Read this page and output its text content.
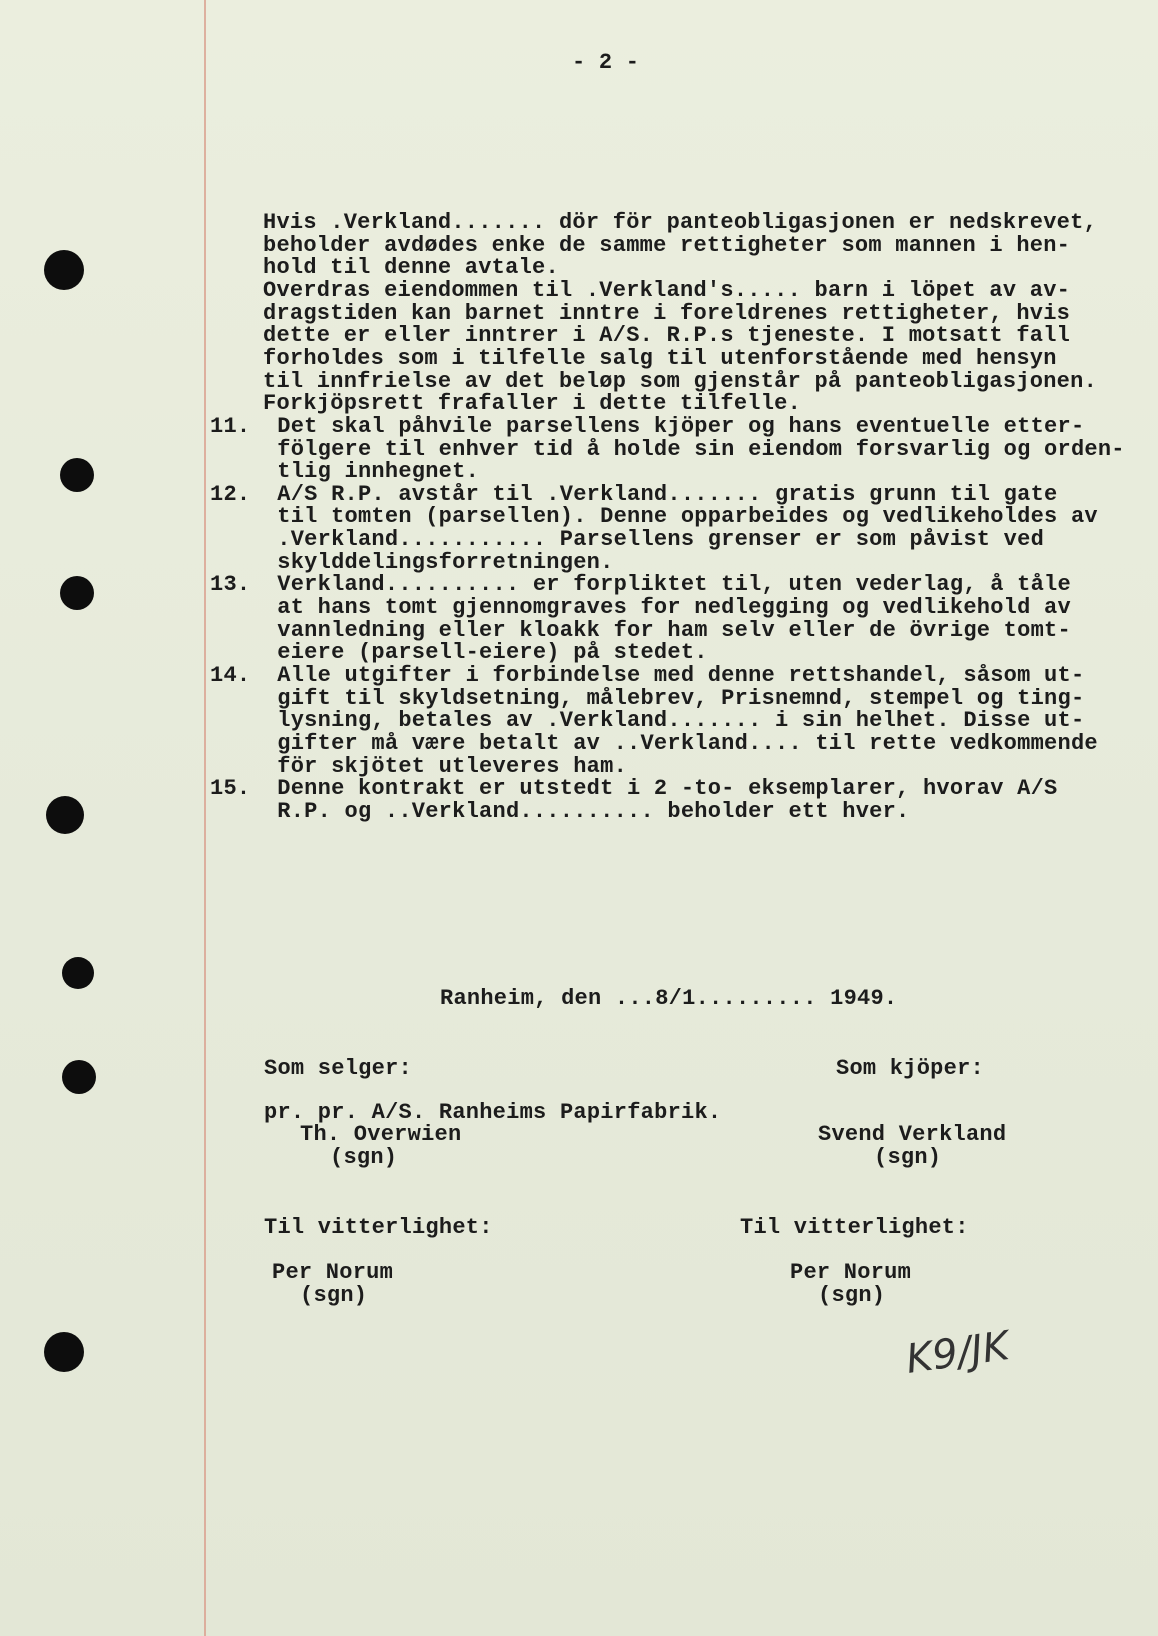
- 2 -

Hvis .Verkland....... dör för panteobligasjonen er nedskrevet,
beholder avdødes enke de samme rettigheter som mannen i hen-
hold til denne avtale.
Overdras eiendommen til .Verkland's..... barn i löpet av av-
dragstiden kan barnet inntre i foreldrenes rettigheter, hvis
dette er eller inntrer i A/S. R.P.s tjeneste. I motsatt fall
forholdes som i tilfelle salg til utenforstående med hensyn
til innfrielse av det beløp som gjenstår på panteobligasjonen.
Forkjöpsrett frafaller i dette tilfelle.
11.  Det skal påhvile parsellens kjöper og hans eventuelle etter-
fölgere til enhver tid å holde sin eiendom forsvarlig og orden-
tlig innhegnet.
12.  A/S R.P. avstår til .Verkland....... gratis grunn til gate
til tomten (parsellen). Denne opparbeides og vedlikeholdes av
.Verkland........... Parsellens grenser er som påvist ved
skylddelingsforretningen.
13.  Verkland.......... er forpliktet til, uten vederlag, å tåle
at hans tomt gjennomgraves for nedlegging og vedlikehold av
vannledning eller kloakk for ham selv eller de övrige tomt-
eiere (parsell-eiere) på stedet.
14.  Alle utgifter i forbindelse med denne rettshandel, såsom ut-
gift til skyldsetning, målebrev, Prisnemnd, stempel og ting-
lysning, betales av .Verkland....... i sin helhet. Disse ut-
gifter må være betalt av ..Verkland.... til rette vedkommende
för skjötet utleveres ham.
15.  Denne kontrakt er utstedt i 2 -to- eksemplarer, hvorav A/S
R.P. og ..Verkland.......... beholder ett hver.

Ranheim, den ...8/1......... 1949.

Som selger:

	Som kjöper:

pr. pr. A/S. Ranheims Papirfabrik.

Th. Overwien

(sgn)

Svend Verkland

(sgn)

Til vitterlighet:

	Til vitterlighet:

Per Norum

(sgn)

Per Norum

(sgn)

K9/JK
